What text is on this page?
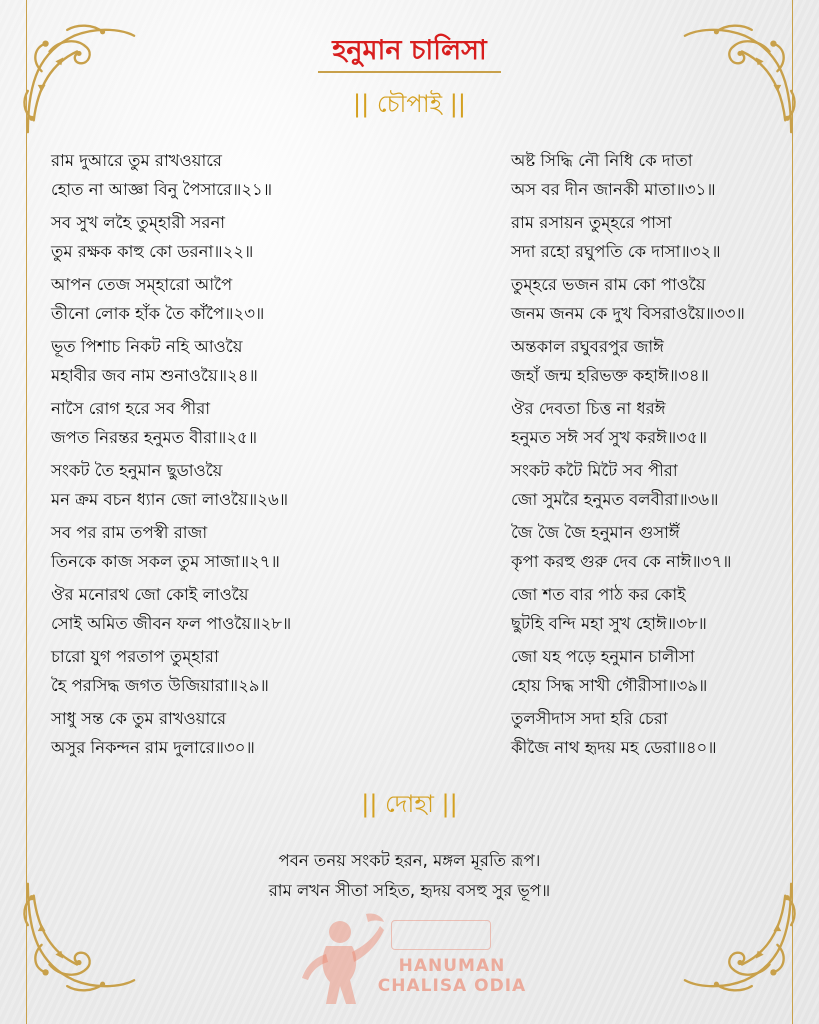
হনুমান চালিসা
|| চৌপাই ||
রাম দুআরে তুম রাখওয়ারে
হোত না আজ্ঞা বিনু পৈসারে॥২১॥
সব সুখ লহৈ তুম্হারী সরনা
তুম রক্ষক কাহু কো ডরনা॥২২॥
আপন তেজ সম্হারো আপৈ
তীনো লোক হাঁক তৈ কাঁপৈ॥২৩॥
ভূত পিশাচ নিকট নহি আওয়ৈ
মহাবীর জব নাম শুনাওয়ৈ॥২৪॥
নাসৈ রোগ হরে সব পীরা
জপত নিরন্তর হনুমত বীরা॥২৫॥
সংকট তৈ হনুমান ছুডাওয়ৈ
মন ক্রম বচন ধ্যান জো লাওয়ৈ॥২৬॥
সব পর রাম তপস্বী রাজা
তিনকে কাজ সকল তুম সাজা॥২৭॥
ঔর মনোরথ জো কোই লাওয়ৈ
সোই অমিত জীবন ফল পাওয়ৈ॥২৮॥
চারো যুগ পরতাপ তুম্হারা
হৈ পরসিদ্ধ জগত উজিয়ারা॥২৯॥
সাধু সন্ত কে তুম রাখওয়ারে
অসুর নিকন্দন রাম দুলারে॥৩০॥
অষ্ট সিদ্ধি নৌ নিধি কে দাতা
অস বর দীন জানকী মাতা॥৩১॥
রাম রসায়ন তুম্হরে পাসা
সদা রহো রঘুপতি কে দাসা॥৩২॥
তুম্হরে ভজন রাম কো পাওয়ৈ
জনম জনম কে দুখ বিসরাওয়ৈ॥৩৩॥
অন্তকাল রঘুবরপুর জাঈ
জহাঁ জন্ম হরিভক্ত কহাঈ॥৩৪॥
ঔর দেবতা চিত্ত না ধরঈ
হনুমত সঈ সর্ব সুখ করঈ॥৩৫॥
সংকট কটৈ মিটৈ সব পীরা
জো সুমরৈ হনুমত বলবীরা॥৩৬॥
জৈ জৈ জৈ হনুমান গুসাঈঁ
কৃপা করহু গুরু দেব কে নাঈ॥৩৭॥
জো শত বার পাঠ কর কোই
ছুটহি বন্দি মহা সুখ হোঈ॥৩৮॥
জো যহ পড়ে হনুমান চালীসা
হোয় সিদ্ধ সাখী গৌরীসা॥৩৯॥
তুলসীদাস সদা হরি চেরা
কীজৈ নাথ হৃদয় মহ ডেরা॥৪০॥
|| দোহা ||
পবন তনয় সংকট হরন, মঙ্গল মূরতি রূপ।
রাম লখন সীতা সহিত, হৃদয় বসহু সুর ভূপ॥
HANUMAN
CHALISA ODIA
